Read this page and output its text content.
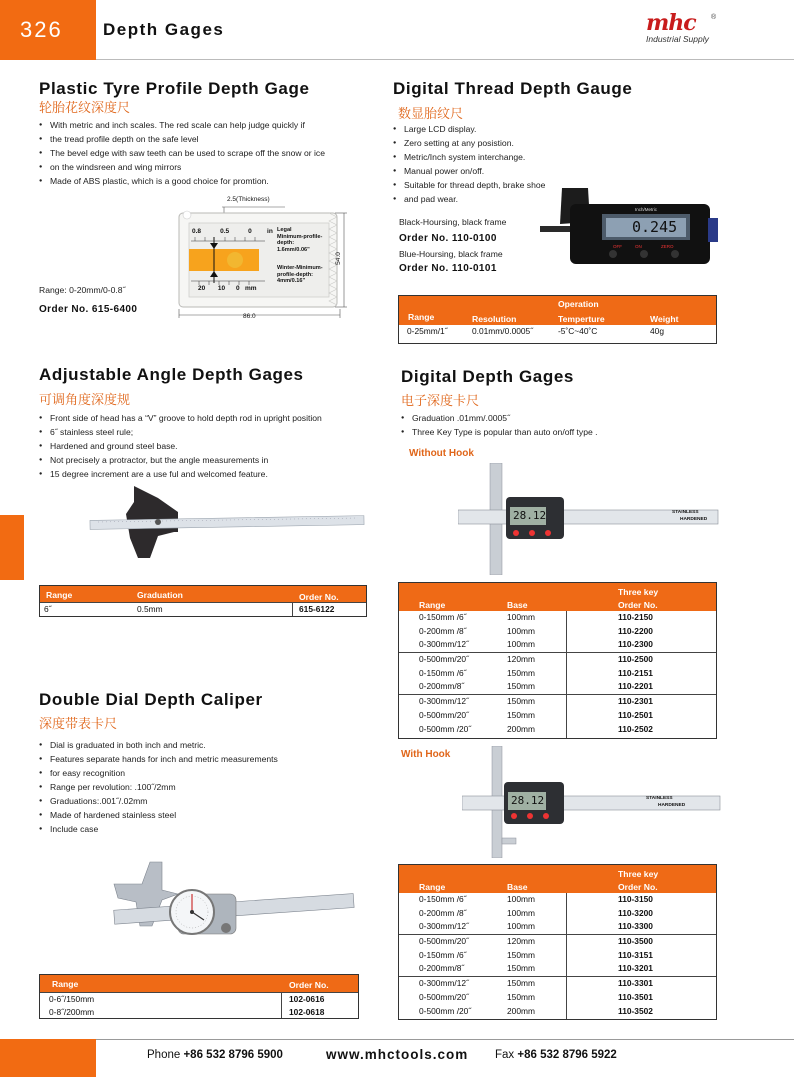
326	Depth Gages	mhc
Industrial Supply
®
Plastic Tyre Profile Depth Gage
轮胎花纹深度尺
● With metric and inch scales. The red scale can help judge quickly if
● the tread profile depth on the safe level
● The bevel edge with saw teeth can be used to scrape off the snow or ice
● on the windsreen and wing mirrors
● Made of ABS plastic, which is a good choice for promtion.
Range: 0-20mm/0-0.8˝
Order No. 615-6400
2.5(Thickness)
54.0
86.0
0.8	0.5	0 in
20 10 0 mm
Legal
Minimum-profile-
depth:
1.6mm/0.06"
Winter-Minimum-
profile-depth:
4mm/0.16"
Digital Thread Depth Gauge
数显胎纹尺
● Large LCD display.
● Zero setting at any posistion.
● Metric/Inch system interchange.
● Manual power on/off.
● Suitable for thread depth, brake shoe
● and pad wear.
Black-Hoursing, black frame
Order No. 110-0100
Blue-Hoursing, black frame
Order No. 110-0101
0.245
Inch/Metric
OFF	ON	ZERO
Range	Resolution
Operation
Temperture	Weight
0-25mm/1˝	0.01mm/0.0005˝	-5˚C~40˚C	40g
Adjustable Angle Depth Gages
可调角度深度规
● Front side of head has a “V” groove to hold depth rod in upright position
● 6˝ stainless steel rule;
● Hardened and ground steel base.
● Not precisely a protractor, but the angle measurements in
● 15 degree increment are a use ful and welcomed feature.
Range	Graduation	Order No.
6˝	0.5mm	615-6122
Digital Depth Gages
电子深度卡尺
● Graduation .01mm/.0005˝
● Three Key Type is popular than auto on/off type .
Without Hook
28.12	STAINLESS
HARDENED
Three key
Range	Base	Order No.
0-150mm /6˝	100mm	110-2150
0-200mm /8˝	100mm	110-2200
0-300mm/12˝	100mm	110-2300
0-500mm/20˝	120mm	110-2500
0-150mm /6˝	150mm	110-2151
0-200mm/8˝	150mm	110-2201
0-300mm/12˝	150mm	110-2301
0-500mm/20˝	150mm	110-2501
0-500mm /20˝	200mm	110-2502
With Hook
28.12	STAINLESS
HARDENED
Three key
Range	Base	Order No.
0-150mm /6˝	100mm	110-3150
0-200mm /8˝	100mm	110-3200
0-300mm/12˝	100mm	110-3300
0-500mm/20˝	120mm	110-3500
0-150mm /6˝	150mm	110-3151
0-200mm/8˝	150mm	110-3201
0-300mm/12˝	150mm	110-3301
0-500mm/20˝	150mm	110-3501
0-500mm /20˝	200mm	110-3502
Double Dial Depth Caliper
深度带表卡尺
● Dial is graduated in both inch and metric.
● Features separate hands for inch and metric measurements
● for easy recognition
● Range per revolution: .100˝/2mm
● Graduations:.001˝/.02mm
● Made of hardened stainless steel
● Include case
Range	Order No.
0-6˝/150mm	102-0616
0-8˝/200mm	102-0618
Phone +86 532 8796 5900	www.mhctools.com Fax +86 532 8796 5922
